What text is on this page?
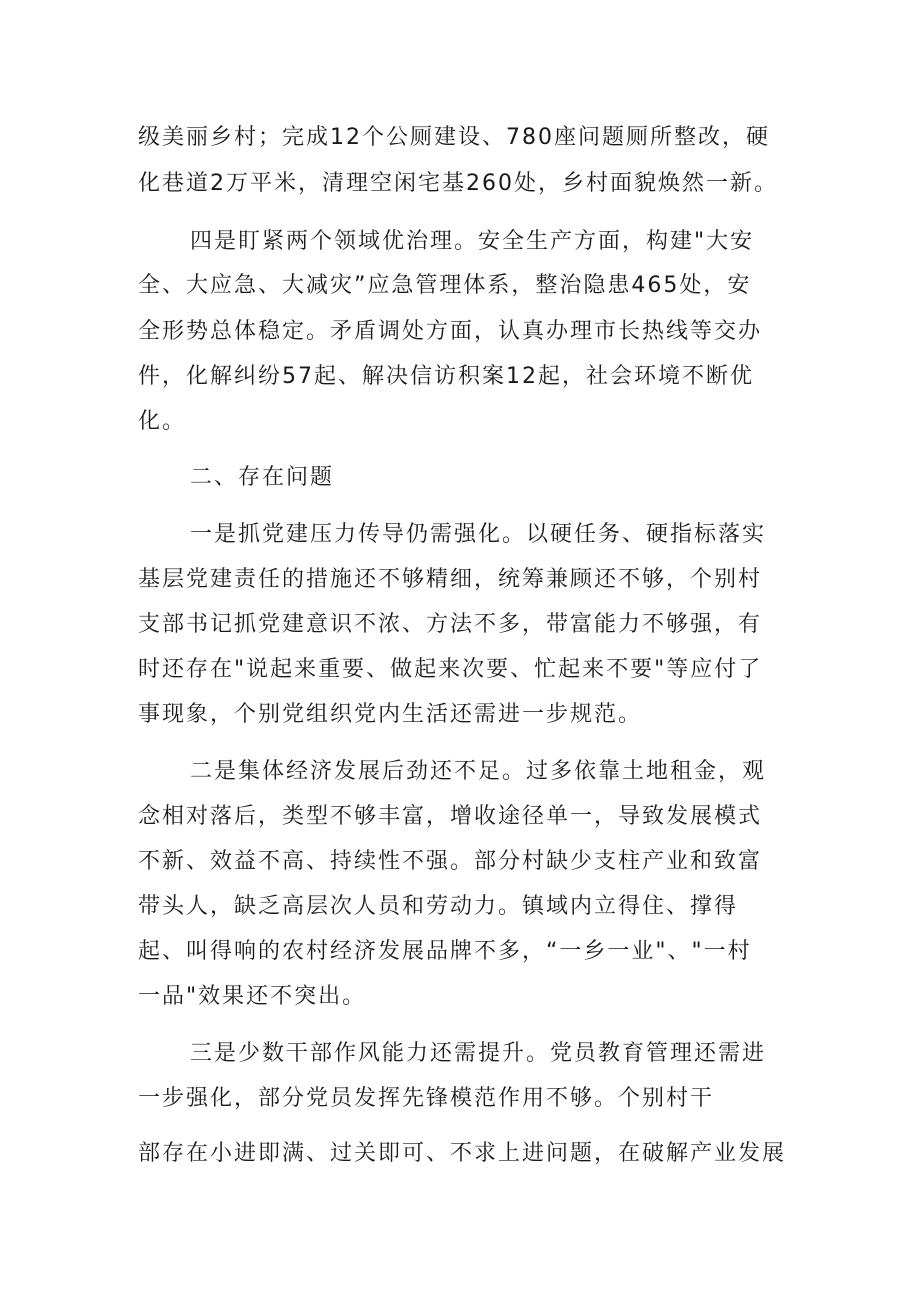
级美丽乡村；完成12个公厕建设、780座问题厕所整改，硬

化巷道2万平米，清理空闲宅基260处，乡村面貌焕然一新。

四是盯紧两个领域优治理。安全生产方面，构建"大安

全、大应急、大减灾”应急管理体系，整治隐患465处，安

全形势总体稳定。矛盾调处方面，认真办理市长热线等交办

件，化解纠纷57起、解决信访积案12起，社会环境不断优

化。

二、存在问题

一是抓党建压力传导仍需强化。以硬任务、硬指标落实

基层党建责任的措施还不够精细，统筹兼顾还不够，个别村

支部书记抓党建意识不浓、方法不多，带富能力不够强，有

时还存在"说起来重要、做起来次要、忙起来不要"等应付了

事现象，个别党组织党内生活还需进一步规范。

二是集体经济发展后劲还不足。过多依靠土地租金，观

念相对落后，类型不够丰富，增收途径单一，导致发展模式

不新、效益不高、持续性不强。部分村缺少支柱产业和致富

带头人，缺乏高层次人员和劳动力。镇域内立得住、撑得

起、叫得响的农村经济发展品牌不多，“一乡一业"、"一村

一品"效果还不突出。

三是少数干部作风能力还需提升。党员教育管理还需进

一步强化，部分党员发挥先锋模范作用不够。个别村干

部存在小进即满、过关即可、不求上进问题，在破解产业发展
